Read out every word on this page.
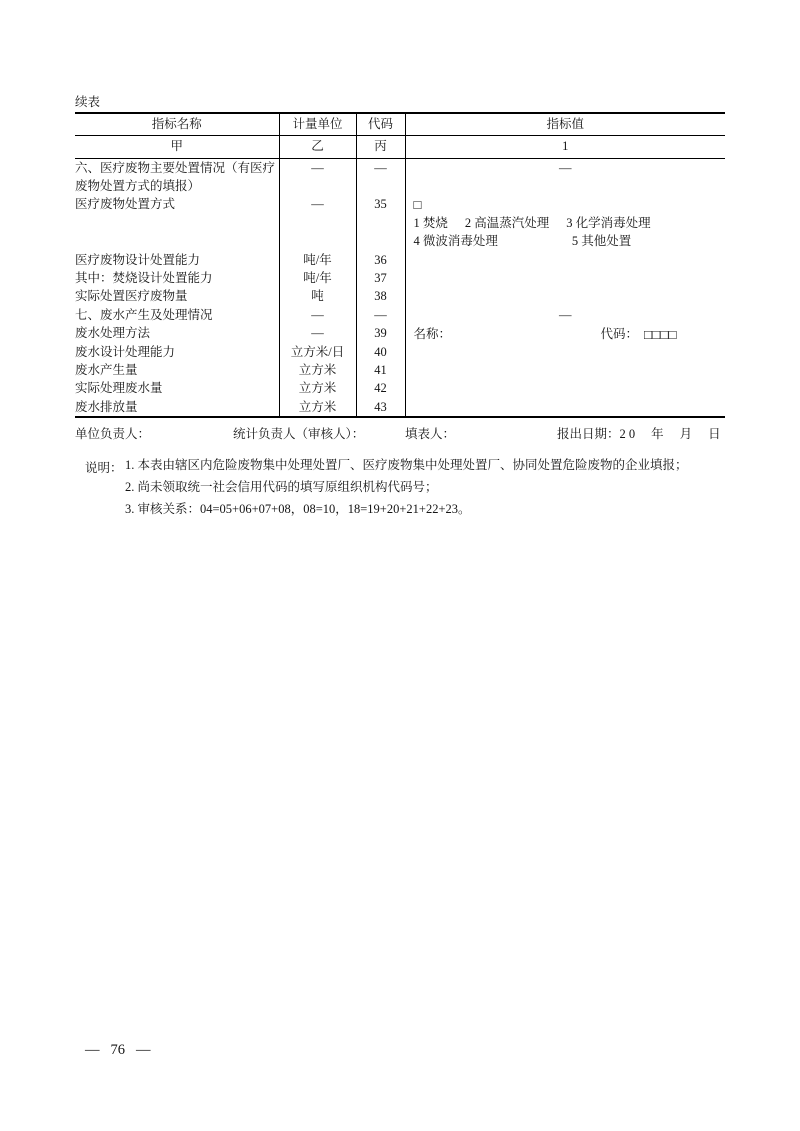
续表
指标名称	计量单位	代码	指标值
甲	乙	丙	1
六、医疗废物主要处置情况（有医疗	—	—	—
废物处置方式的填报）			
医疗废物处置方式	—	35	□

			1 焚烧 2 高温蒸汽处理 3 化学消毒处理

			4 微波消毒处理 5 其他处置

医疗废物设计处置能力	吨/年	36	
其中：焚烧设计处置能力	吨/年	37	
实际处置医疗废物量	吨	38	
七、废水产生及处理情况	—	—	—
废水处理方法	—	39	名称： 代码： □□□□

废水设计处理能力	立方米/日	40	
废水产生量	立方米	41	
实际处理废水量	立方米	42	
废水排放量	立方米	43	
单位负责人：	统计负责人（审核人）：	填表人：	报出日期：2 0 年 月 日
说明： 1. 本表由辖区内危险废物集中处理处置厂、医疗废物集中处理处置厂、协同处置危险废物的企业填报；
2. 尚未领取统一社会信用代码的填写原组织机构代码号；
3. 审核关系：04=05+06+07+08，08=10，18=19+20+21+22+23。
— 76 —
